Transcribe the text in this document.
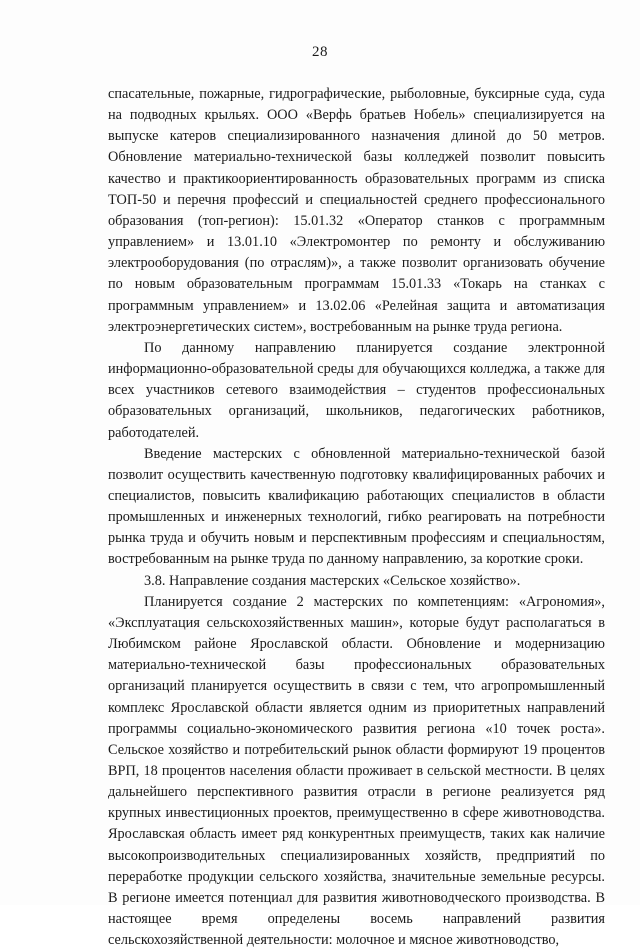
28

спасательные, пожарные, гидрографические, рыболовные, буксирные суда, суда на подводных крыльях. ООО «Верфь братьев Нобель» специализируется на выпуске катеров специализированного назначения длиной до 50 метров. Обновление материально-технической базы колледжей позволит повысить качество и практикоориентированность образовательных программ из списка ТОП-50 и перечня профессий и специальностей среднего профессионального образования (топ-регион): 15.01.32 «Оператор станков с программным управлением» и 13.01.10 «Электромонтер по ремонту и обслуживанию электрооборудования (по отраслям)», а также позволит организовать обучение по новым образовательным программам 15.01.33 «Токарь на станках с программным управлением» и 13.02.06 «Релейная защита и автоматизация электроэнергетических систем», востребованным на рынке труда региона.

По данному направлению планируется создание электронной информационно-образовательной среды для обучающихся колледжа, а также для всех участников сетевого взаимодействия – студентов профессиональных образовательных организаций, школьников, педагогических работников, работодателей.

Введение мастерских с обновленной материально-технической базой позволит осуществить качественную подготовку квалифицированных рабочих и специалистов, повысить квалификацию работающих специалистов в области промышленных и инженерных технологий, гибко реагировать на потребности рынка труда и обучить новым и перспективным профессиям и специальностям, востребованным на рынке труда по данному направлению, за короткие сроки.

3.8. Направление создания мастерских «Сельское хозяйство».

Планируется создание 2 мастерских по компетенциям: «Агрономия», «Эксплуатация сельскохозяйственных машин», которые будут располагаться в Любимском районе Ярославской области. Обновление и модернизацию материально-технической базы профессиональных образовательных организаций планируется осуществить в связи с тем, что агропромышленный комплекс Ярославской области является одним из приоритетных направлений программы социально-экономического развития региона «10 точек роста». Сельское хозяйство и потребительский рынок области формируют 19 процентов ВРП, 18 процентов населения области проживает в сельской местности. В целях дальнейшего перспективного развития отрасли в регионе реализуется ряд крупных инвестиционных проектов, преимущественно в сфере животноводства. Ярославская область имеет ряд конкурентных преимуществ, таких как наличие высокопроизводительных специализированных хозяйств, предприятий по переработке продукции сельского хозяйства, значительные земельные ресурсы. В регионе имеется потенциал для развития животноводческого производства. В настоящее время определены восемь направлений развития сельскохозяйственной деятельности: молочное и мясное животноводство,
